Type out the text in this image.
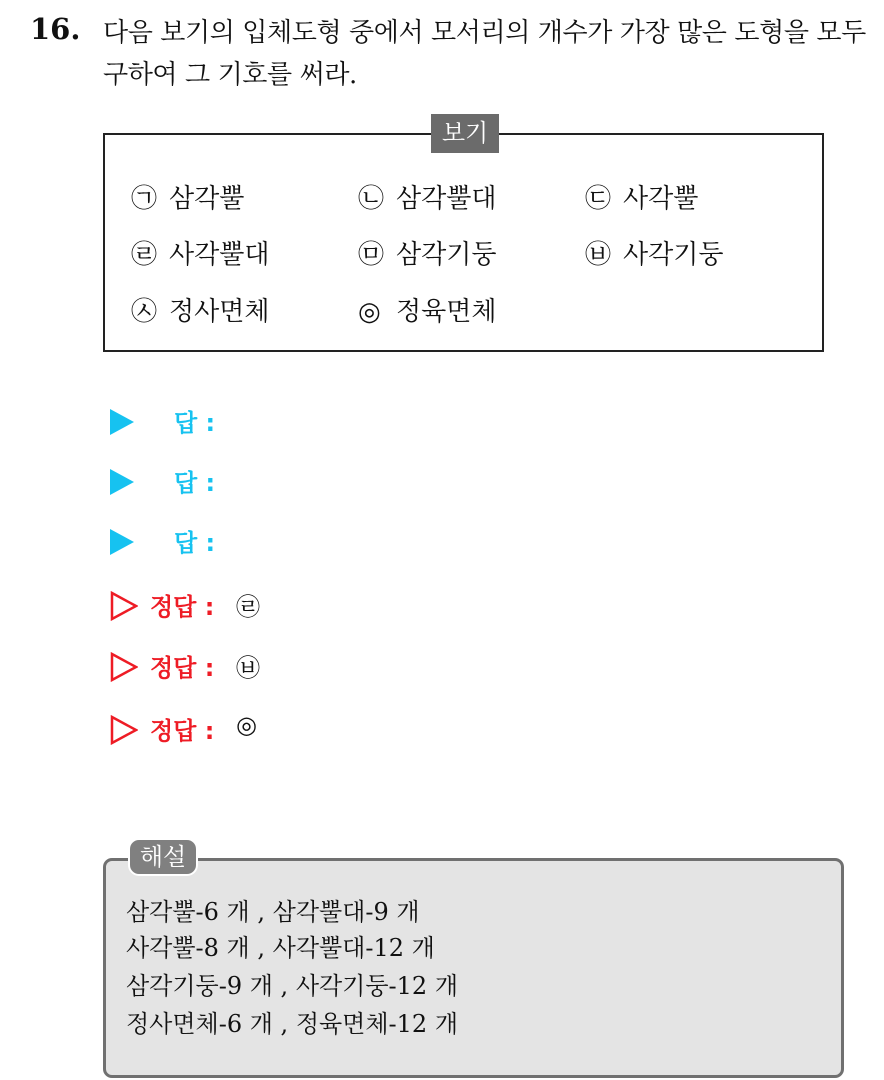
16. 다음 보기의 입체도형 중에서 모서리의 개수가 가장 많은 도형을 모두 구하여 그 기호를 써라.
보기
㉠ 삼각뿔	㉡ 삼각뿔대	㉢ 사각뿔
㉣ 사각뿔대	㉤ 삼각기둥	㉥ 사각기둥
㉦ 정사면체	◎ 정육면체
답 :
답 :
답 :
정답 : ㉣
정답 : ㉥
정답 : ◎
해설
삼각뿔-6 개 , 삼각뿔대-9 개
사각뿔-8 개 , 사각뿔대-12 개
삼각기둥-9 개 , 사각기둥-12 개
정사면체-6 개 , 정육면체-12 개
